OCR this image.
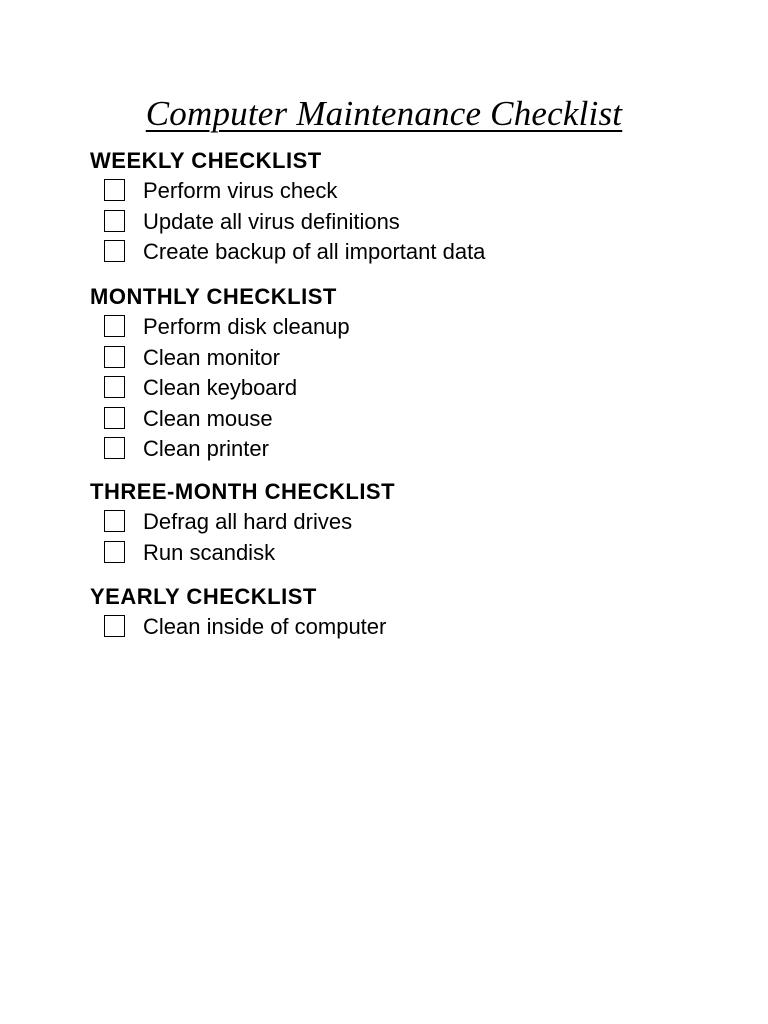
Computer Maintenance Checklist
WEEKLY CHECKLIST
Perform virus check
Update all virus definitions
Create backup of all important data
MONTHLY CHECKLIST
Perform disk cleanup
Clean monitor
Clean keyboard
Clean mouse
Clean printer
THREE-MONTH CHECKLIST
Defrag all hard drives
Run scandisk
YEARLY CHECKLIST
Clean inside of computer
